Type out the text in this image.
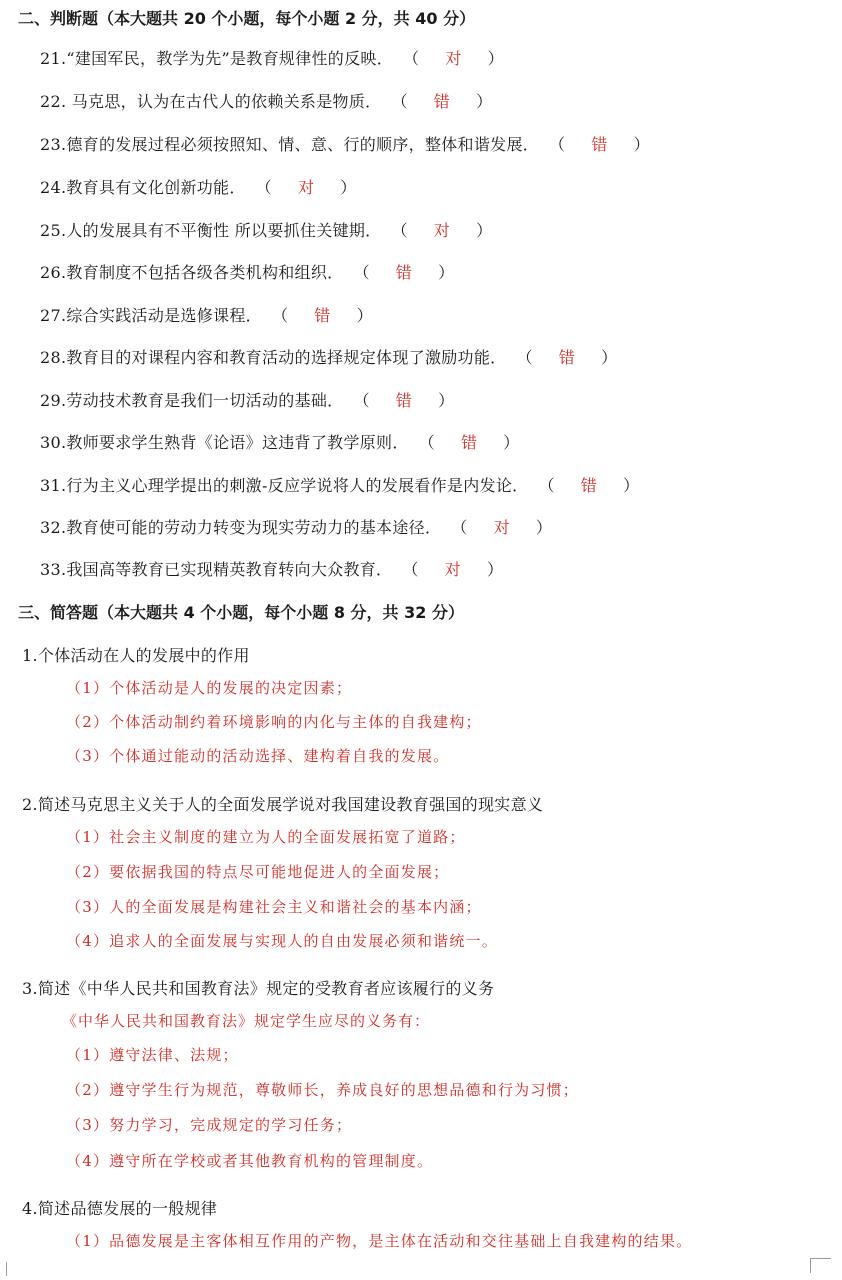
二、判断题（本大题共 20 个小题，每个小题 2 分，共 40 分）
21.“建国军民，教学为先”是教育规律性的反映． （ 对 ）
22. 马克思，认为在古代人的依赖关系是物质． （ 错 ）
23.德育的发展过程必须按照知、情、意、行的顺序，整体和谐发展． （ 错 ）
24.教育具有文化创新功能． （ 对 ）
25.人的发展具有不平衡性 所以要抓住关键期． （ 对 ）
26.教育制度不包括各级各类机构和组织． （ 错 ）
27.综合实践活动是选修课程． （ 错 ）
28.教育目的对课程内容和教育活动的选择规定体现了激励功能． （ 错 ）
29.劳动技术教育是我们一切活动的基础． （ 错 ）
30.教师要求学生熟背《论语》这违背了教学原则． （ 错 ）
31.行为主义心理学提出的刺激-反应学说将人的发展看作是内发论． （ 错 ）
32.教育使可能的劳动力转变为现实劳动力的基本途径． （ 对 ）
33.我国高等教育已实现精英教育转向大众教育． （ 对 ）
三、简答题（本大题共 4 个小题，每个小题 8 分，共 32 分）
1.个体活动在人的发展中的作用
（1）个体活动是人的发展的决定因素；
（2）个体活动制约着环境影响的内化与主体的自我建构；
（3）个体通过能动的活动选择、建构着自我的发展。
2.简述马克思主义关于人的全面发展学说对我国建设教育强国的现实意义
（1）社会主义制度的建立为人的全面发展拓宽了道路；
（2）要依据我国的特点尽可能地促进人的全面发展；
（3）人的全面发展是构建社会主义和谐社会的基本内涵；
（4）追求人的全面发展与实现人的自由发展必须和谐统一。
3.简述《中华人民共和国教育法》规定的受教育者应该履行的义务
《中华人民共和国教育法》规定学生应尽的义务有：
（1）遵守法律、法规；
（2）遵守学生行为规范，尊敬师长，养成良好的思想品德和行为习惯；
（3）努力学习，完成规定的学习任务；
（4）遵守所在学校或者其他教育机构的管理制度。
4.简述品德发展的一般规律
（1）品德发展是主客体相互作用的产物，是主体在活动和交往基础上自我建构的结果。
